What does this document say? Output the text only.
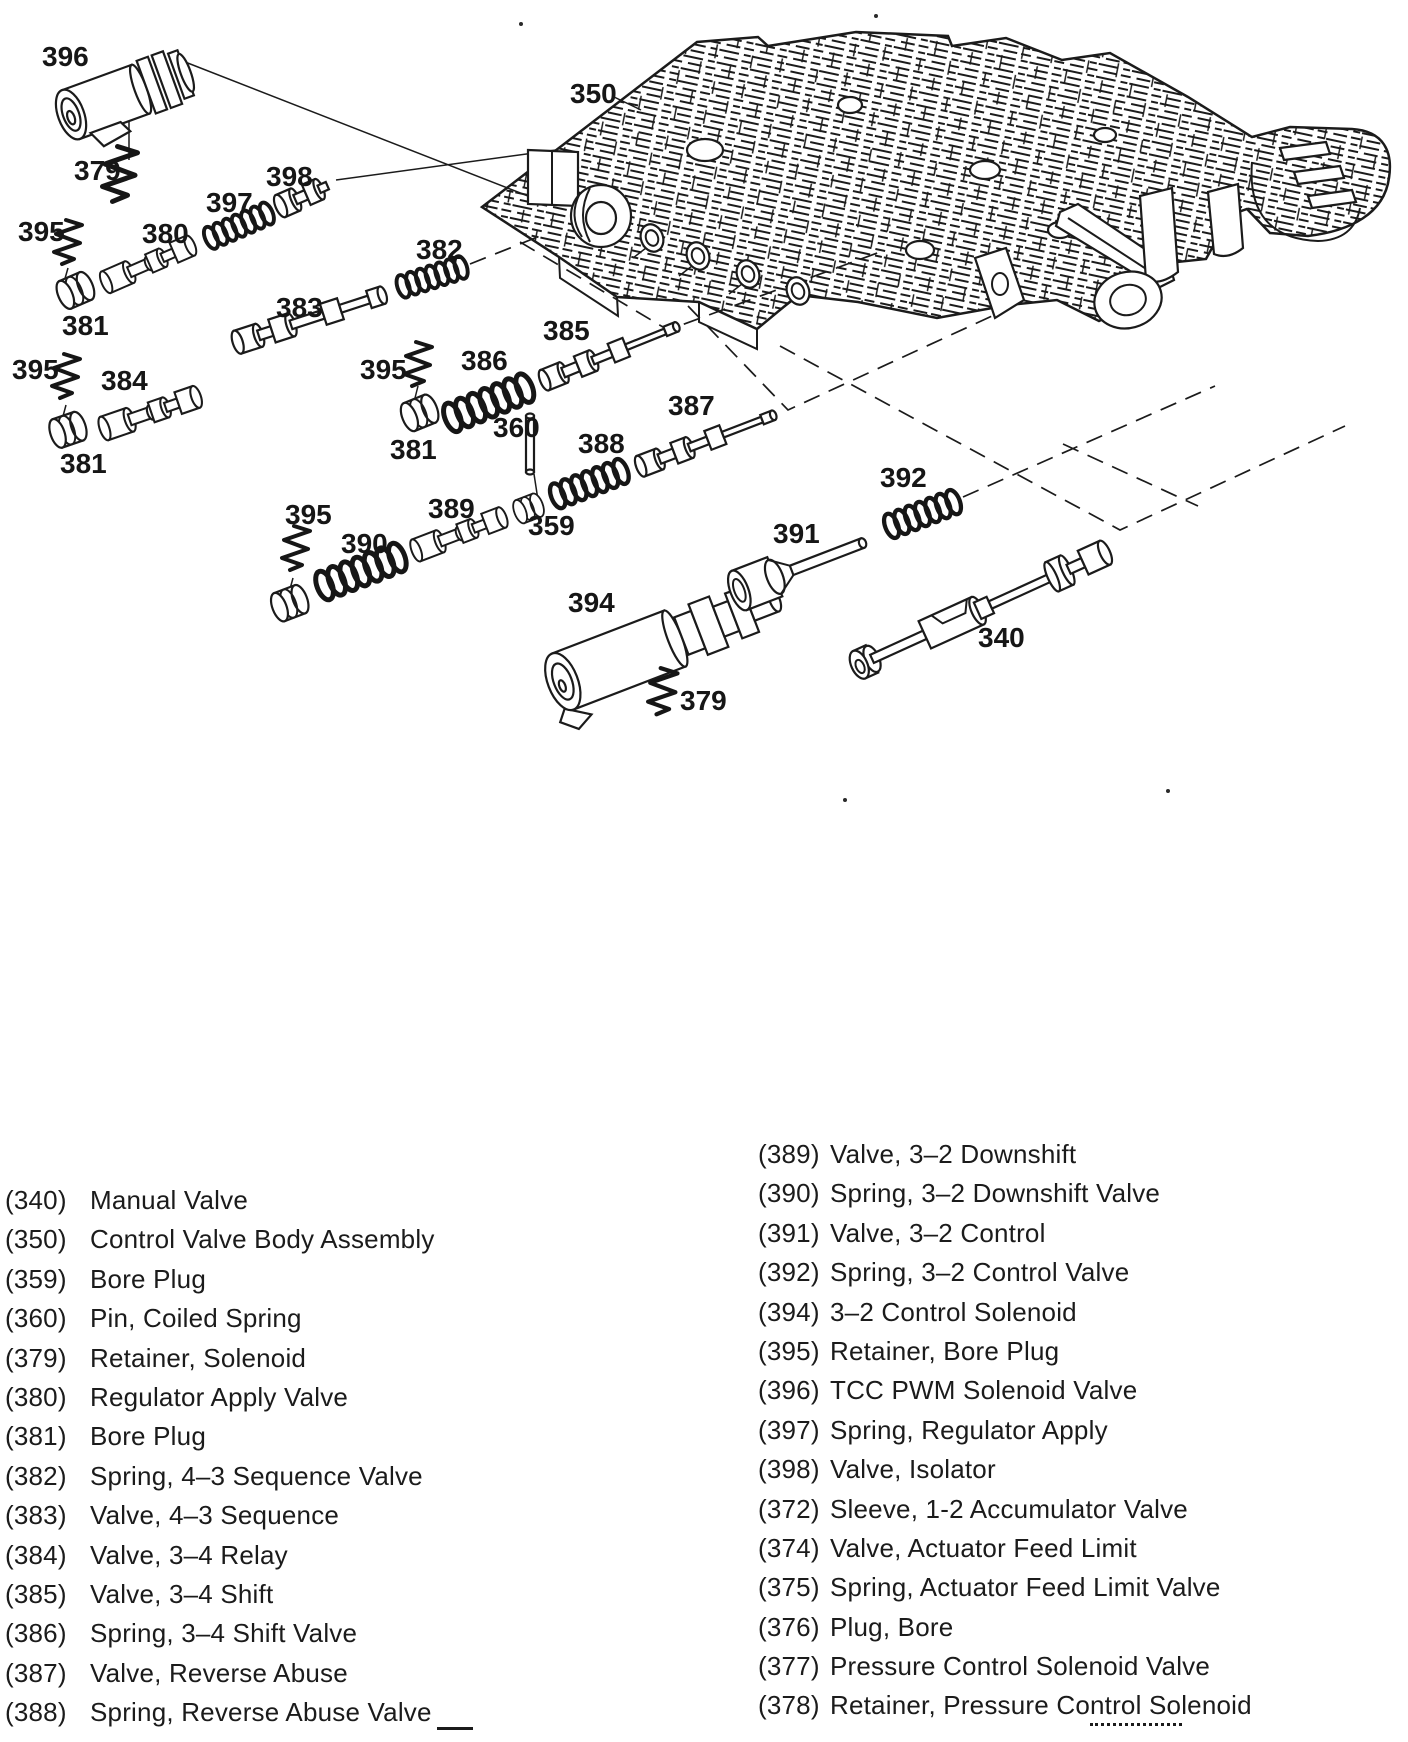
396
379	398
397
395	380
382
381
383
395 384
381
395
381
385
386
360
388
387
389
359
390
395
391
392
394
379
340
350
(340) Manual Valve
(350) Control Valve Body Assembly
(359) Bore Plug
(360) Pin, Coiled Spring
(379) Retainer, Solenoid
(380) Regulator Apply Valve
(381) Bore Plug
(382) Spring, 4–3 Sequence Valve
(383) Valve, 4–3 Sequence
(384) Valve, 3–4 Relay
(385) Valve, 3–4 Shift
(386) Spring, 3–4 Shift Valve
(387) Valve, Reverse Abuse
(388) Spring, Reverse Abuse Valve
(389) Valve, 3–2 Downshift
(390) Spring, 3–2 Downshift Valve
(391) Valve, 3–2 Control
(392) Spring, 3–2 Control Valve
(394) 3–2 Control Solenoid
(395) Retainer, Bore Plug
(396) TCC PWM Solenoid Valve
(397) Spring, Regulator Apply
(398) Valve, Isolator
(372) Sleeve, 1-2 Accumulator Valve
(374) Valve, Actuator Feed Limit
(375) Spring, Actuator Feed Limit Valve
(376) Plug, Bore
(377) Pressure Control Solenoid Valve
(378) Retainer, Pressure Control Solenoid
